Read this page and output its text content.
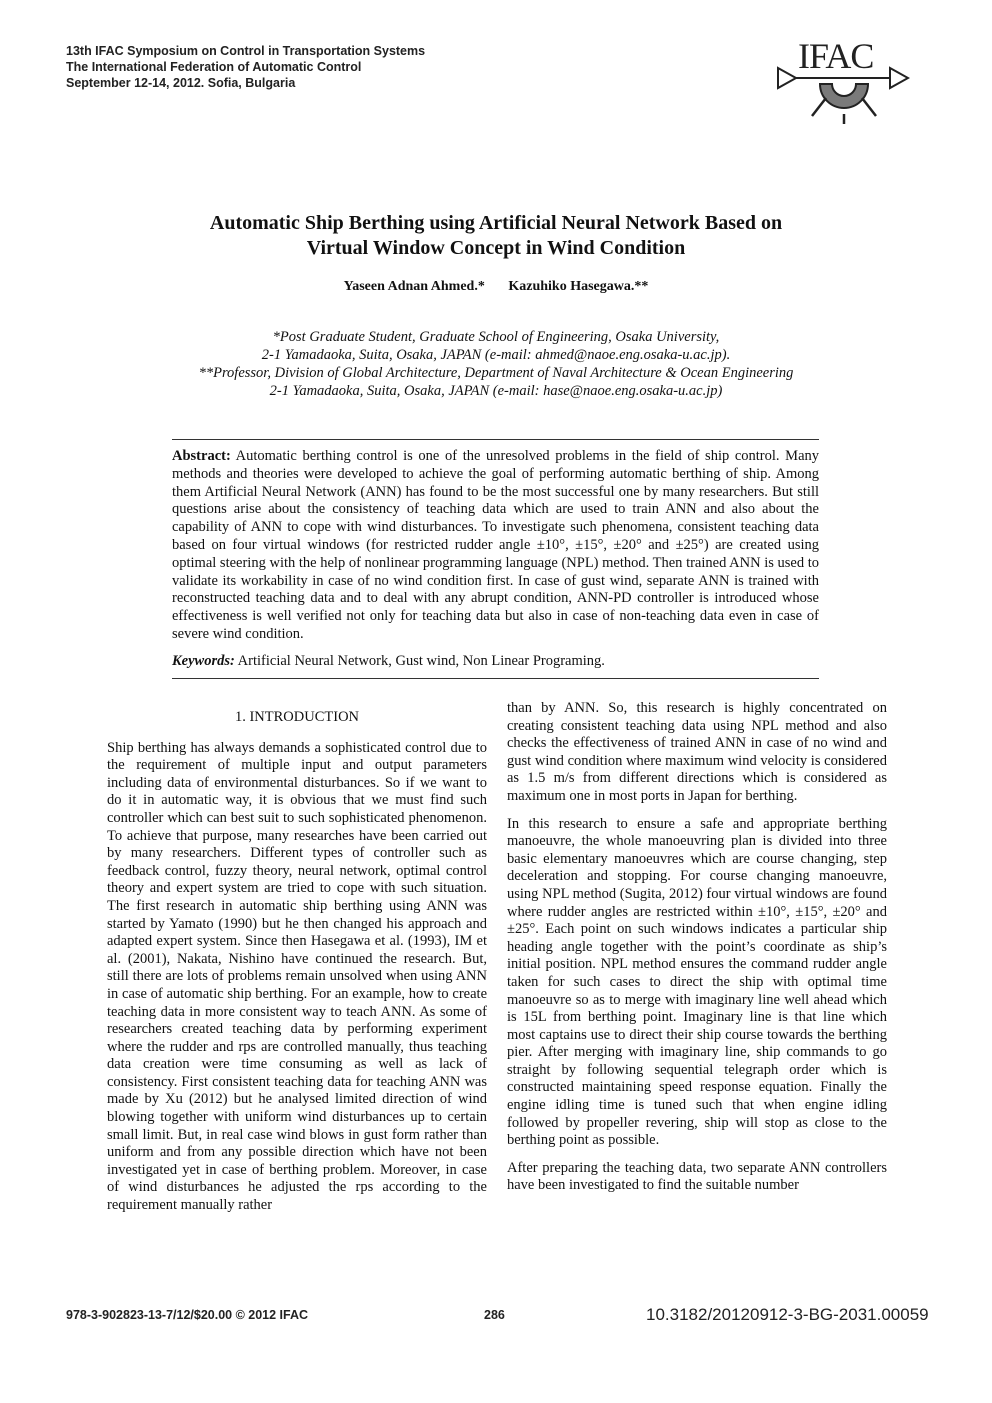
13th IFAC Symposium on Control in Transportation Systems
The International Federation of Automatic Control
September 12-14, 2012. Sofia, Bulgaria
IFAC
Automatic Ship Berthing using Artificial Neural Network Based on
Virtual Window Concept in Wind Condition
Yaseen Adnan Ahmed.* Kazuhiko Hasegawa.**
*Post Graduate Student, Graduate School of Engineering, Osaka University,
2-1 Yamadaoka, Suita, Osaka, JAPAN (e-mail: ahmed@naoe.eng.osaka-u.ac.jp).
**Professor, Division of Global Architecture, Department of Naval Architecture & Ocean Engineering
2-1 Yamadaoka, Suita, Osaka, JAPAN (e-mail: hase@naoe.eng.osaka-u.ac.jp)
Abstract: Automatic berthing control is one of the unresolved problems in the field of ship control. Many methods and theories were developed to achieve the goal of performing automatic berthing of ship. Among them Artificial Neural Network (ANN) has found to be the most successful one by many researchers. But still questions arise about the consistency of teaching data which are used to train ANN and also about the capability of ANN to cope with wind disturbances. To investigate such phenomena, consistent teaching data based on four virtual windows (for restricted rudder angle ±10°, ±15°, ±20° and ±25°) are created using optimal steering with the help of nonlinear programming language (NPL) method. Then trained ANN is used to validate its workability in case of no wind condition first. In case of gust wind, separate ANN is trained with reconstructed teaching data and to deal with any abrupt condition, ANN-PD controller is introduced whose effectiveness is well verified not only for teaching data but also in case of non-teaching data even in case of severe wind condition.
Keywords: Artificial Neural Network, Gust wind, Non Linear Programing.
1. INTRODUCTION

Ship berthing has always demands a sophisticated control due to the requirement of multiple input and output parameters including data of environmental disturbances. So if we want to do it in automatic way, it is obvious that we must find such controller which can best suit to such sophisticated phenomenon. To achieve that purpose, many researches have been carried out by many researchers. Different types of controller such as feedback control, fuzzy theory, neural network, optimal control theory and expert system are tried to cope with such situation. The first research in automatic ship berthing using ANN was started by Yamato (1990) but he then changed his approach and adapted expert system. Since then Hasegawa et al. (1993), IM et al. (2001), Nakata, Nishino have continued the research. But, still there are lots of problems remain unsolved when using ANN in case of automatic ship berthing. For an example, how to create teaching data in more consistent way to teach ANN. As some of researchers created teaching data by performing experiment where the rudder and rps are controlled manually, thus teaching data creation were time consuming as well as lack of consistency. First consistent teaching data for teaching ANN was made by Xu (2012) but he analysed limited direction of wind blowing together with uniform wind disturbances up to certain small limit. But, in real case wind blows in gust form rather than uniform and from any possible direction which have not been investigated yet in case of berthing problem. Moreover, in case of wind disturbances he adjusted the rps according to the requirement manually rather

than by ANN. So, this research is highly concentrated on creating consistent teaching data using NPL method and also checks the effectiveness of trained ANN in case of no wind and gust wind condition where maximum wind velocity is considered as 1.5 m/s from different directions which is considered as maximum one in most ports in Japan for berthing.

In this research to ensure a safe and appropriate berthing manoeuvre, the whole manoeuvring plan is divided into three basic elementary manoeuvres which are course changing, step deceleration and stopping. For course changing manoeuvre, using NPL method (Sugita, 2012) four virtual windows are found where rudder angles are restricted within ±10°, ±15°, ±20° and ±25°. Each point on such windows indicates a particular ship heading angle together with the point’s coordinate as ship’s initial position. NPL method ensures the command rudder angle taken for such cases to direct the ship with optimal time manoeuvre so as to merge with imaginary line well ahead which is 15L from berthing point. Imaginary line is that line which most captains use to direct their ship course towards the berthing pier. After merging with imaginary line, ship commands to go straight by following sequential telegraph order which is constructed maintaining speed response equation. Finally the engine idling time is tuned such that when engine idling followed by propeller revering, ship will stop as close to the berthing point as possible.

After preparing the teaching data, two separate ANN controllers have been investigated to find the suitable number

978-3-902823-13-7/12/$20.00 © 2012 IFAC	286	10.3182/20120912-3-BG-2031.00059
